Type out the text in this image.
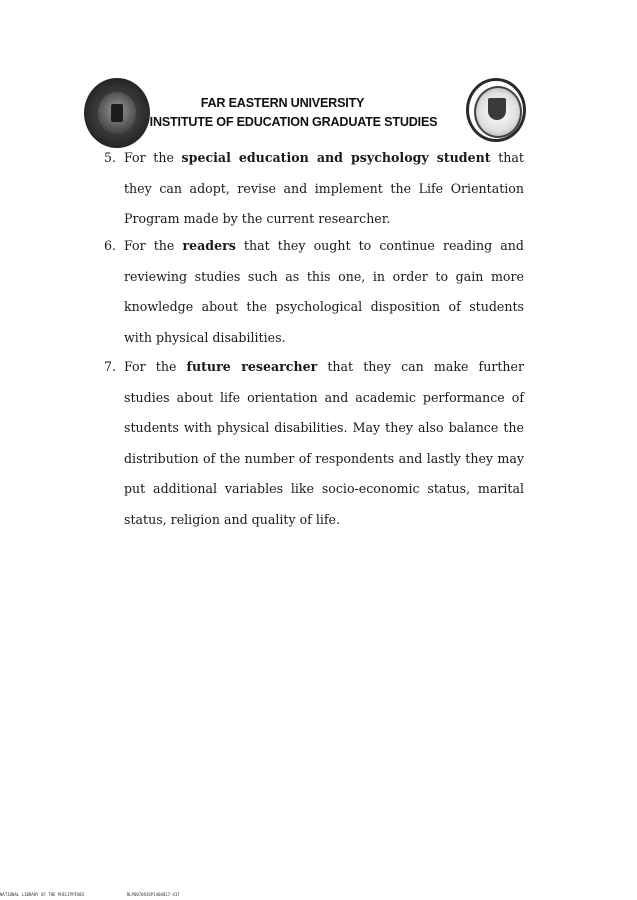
FAR EASTERN UNIVERSITY
INSTITUTE OF EDUCATION GRADUATE STUDIES
5. For the special education and psychology student that they can adopt, revise and implement the Life Orientation Program made by the current researcher.
6. For the readers that they ought to continue reading and reviewing studies such as this one, in order to gain more knowledge about the psychological disposition of students with physical disabilities.
7. For the future researcher that they can make further studies about life orientation and academic performance of students with physical disabilities. May they also balance the distribution of the number of respondents and lastly they may put additional variables like socio-economic status, marital status, religion and quality of life.
NATIONAL LIBRARY OF THE PHILIPPINES	RLP0070926P1468817-417
